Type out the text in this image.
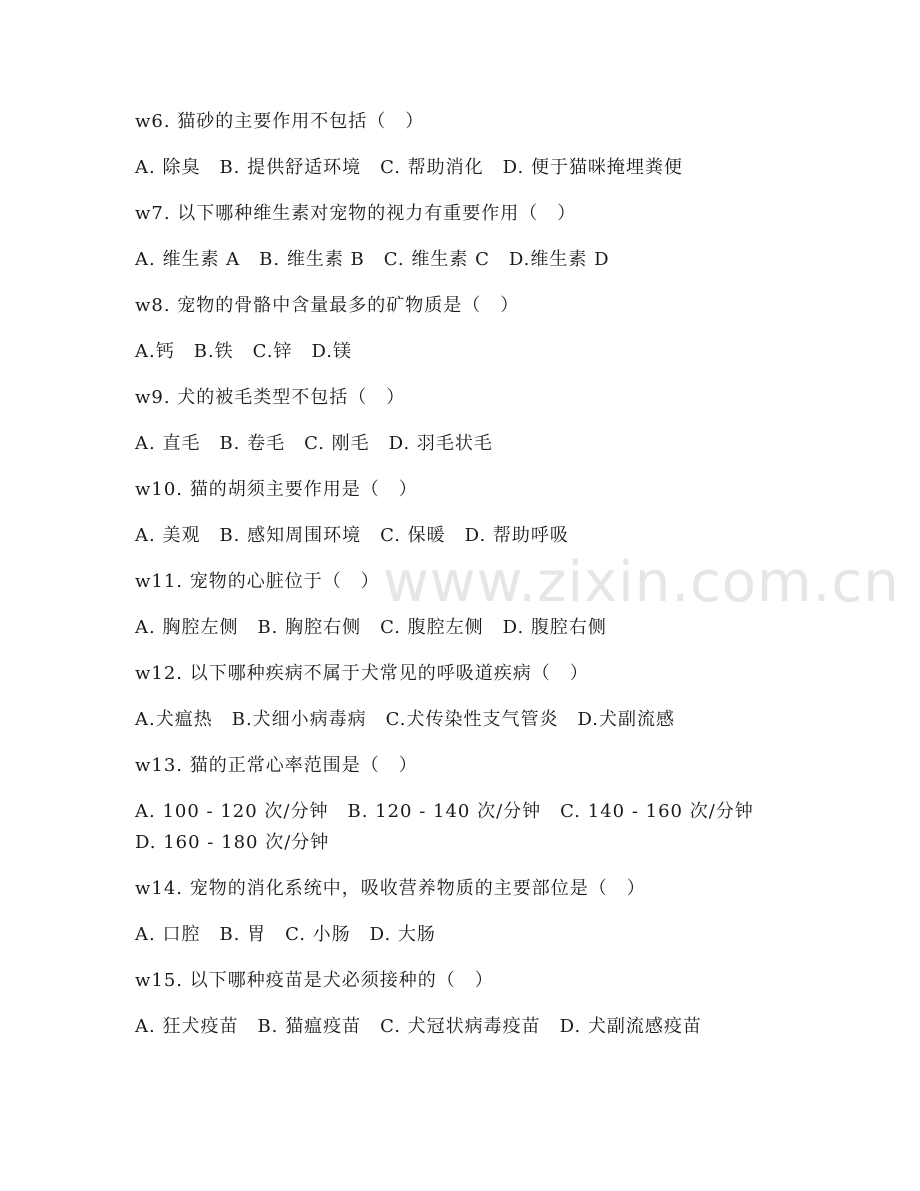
w6. 猫砂的主要作用不包括（　）
A. 除臭　B. 提供舒适环境　C. 帮助消化　D. 便于猫咪掩埋粪便
w7. 以下哪种维生素对宠物的视力有重要作用（　）
A. 维生素 A　B. 维生素 B　C. 维生素 C　D.维生素 D
w8. 宠物的骨骼中含量最多的矿物质是（　）
A.钙　B.铁　C.锌　D.镁
w9. 犬的被毛类型不包括（　）
A. 直毛　B. 卷毛　C. 刚毛　D. 羽毛状毛
w10. 猫的胡须主要作用是（　）
A. 美观　B. 感知周围环境　C. 保暖　D. 帮助呼吸
w11. 宠物的心脏位于（　）
A. 胸腔左侧　B. 胸腔右侧　C. 腹腔左侧　D. 腹腔右侧
w12. 以下哪种疾病不属于犬常见的呼吸道疾病（　）
A.犬瘟热　B.犬细小病毒病　C.犬传染性支气管炎　D.犬副流感
w13. 猫的正常心率范围是（　）
A. 100 - 120 次/分钟　B. 120 - 140 次/分钟　C. 140 - 160 次/分钟　D. 160 - 180 次/分钟
w14. 宠物的消化系统中，吸收营养物质的主要部位是（　）
A. 口腔　B. 胃　C. 小肠　D. 大肠
w15. 以下哪种疫苗是犬必须接种的（　）
A. 狂犬疫苗　B. 猫瘟疫苗　C. 犬冠状病毒疫苗　D. 犬副流感疫苗
www.zixin.com.cn
